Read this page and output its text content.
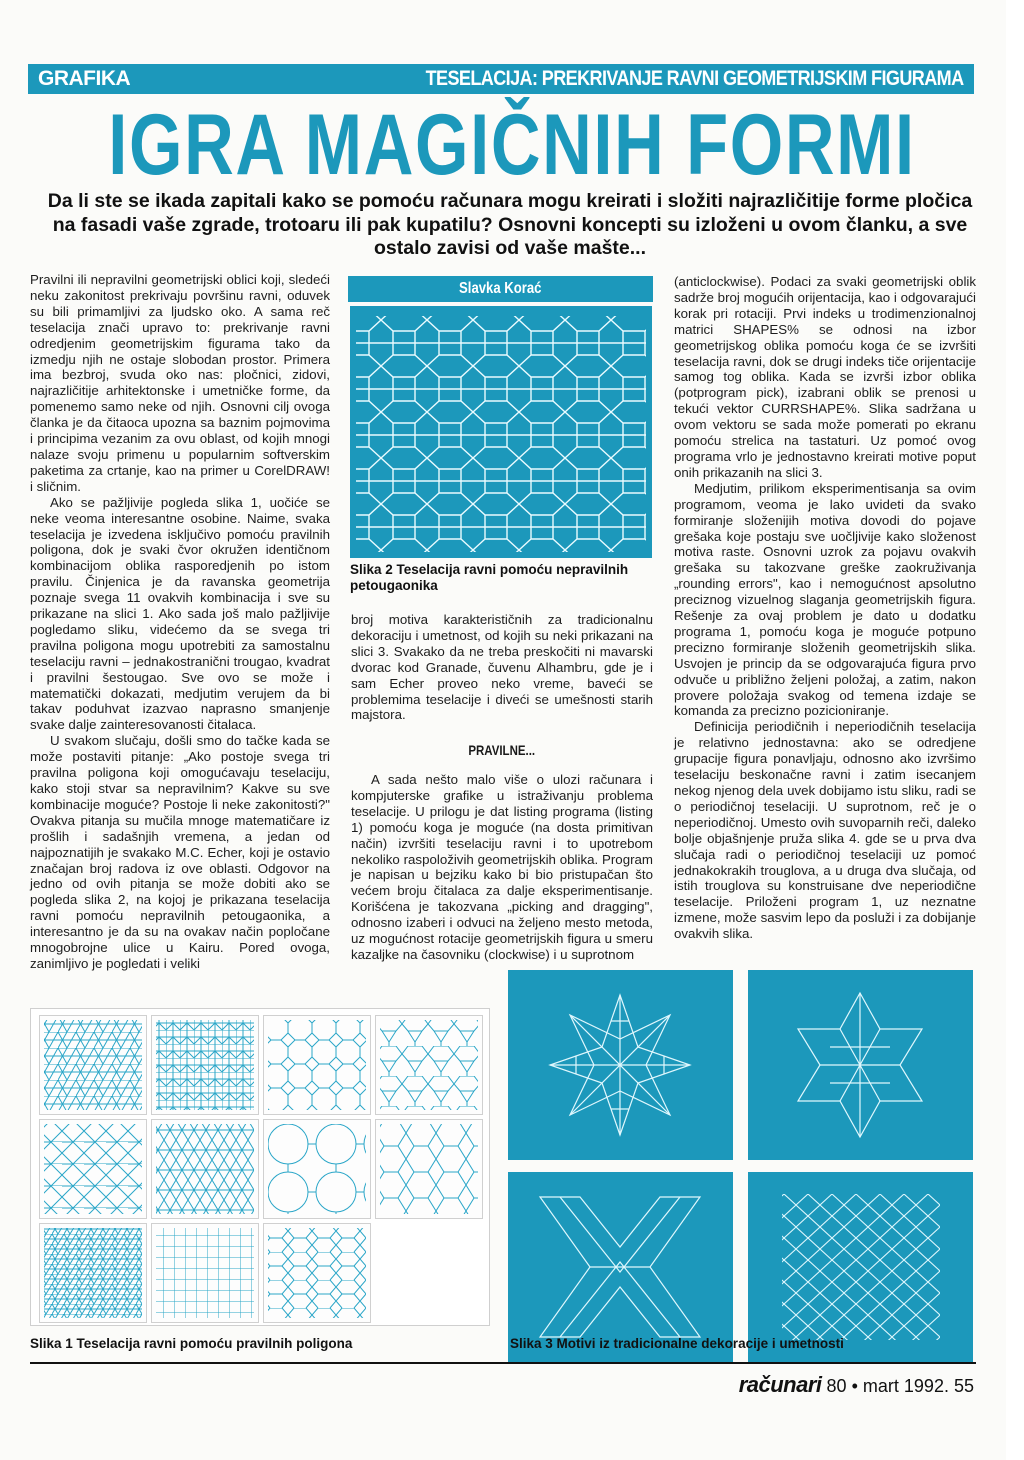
GRAFIKA	TESELACIJA: PREKRIVANJE RAVNI GEOMETRIJSKIM FIGURAMA
IGRA MAGIČNIH FORMI
Da li ste se ikada zapitali kako se pomoću računara mogu kreirati i složiti najrazličitije forme pločica na fasadi vaše zgrade, trotoaru ili pak kupatilu? Osnovni koncepti su izloženi u ovom članku, a sve ostalo zavisi od vaše mašte...

Pravilni ili nepravilni geometrijski oblici koji, sledeći neku zakonitost prekrivaju površinu ravni, oduvek su bili primamljivi za ljudsko oko. A sama reč teselacija znači upravo to: prekrivanje ravni odredjenim geometrijskim figurama tako da izmedju njih ne ostaje slobodan prostor. Primera ima bezbroj, svuda oko nas: pločnici, zidovi, najrazličitije arhitektonske i umetničke forme, da pomenemo samo neke od njih. Osnovni cilj ovoga članka je da čitaoca upozna sa baznim pojmovima i principima vezanim za ovu oblast, od kojih mnogi nalaze svoju primenu u popularnim softverskim paketima za crtanje, kao na primer u CorelDRAW! i sličnim.

Ako se pažljivije pogleda slika 1, uočiće se neke veoma interesantne osobine. Naime, svaka teselacija je izvedena isključivo pomoću pravilnih poligona, dok je svaki čvor okružen identičnom kombinacijom oblika rasporedjenih po istom pravilu. Činjenica je da ravanska geometrija poznaje svega 11 ovakvih kombinacija i sve su prikazane na slici 1. Ako sada još malo pažljivije pogledamo sliku, videćemo da se svega tri pravilna poligona mogu upotrebiti za samostalnu teselaciju ravni – jednakostranični trougao, kvadrat i pravilni šestougao. Sve ovo se može i matematički dokazati, medjutim verujem da bi takav poduhvat izazvao naprasno smanjenje svake dalje zainteresovanosti čitalaca.

U svakom slučaju, došli smo do tačke kada se može postaviti pitanje: „Ako postoje svega tri pravilna poligona koji omogućavaju teselaciju, kako stoji stvar sa nepravilnim? Kakve su sve kombinacije moguće? Postoje li neke zakonitosti?" Ovakva pitanja su mučila mnoge matematičare iz prošlih i sadašnjih vremena, a jedan od najpoznatijih je svakako M.C. Echer, koji je ostavio značajan broj radova iz ove oblasti. Odgovor na jedno od ovih pitanja se može dobiti ako se pogleda slika 2, na kojoj je prikazana teselacija ravni pomoću nepravilnih petougaonika, a interesantno je da su na ovakav način popločane mnogobrojne ulice u Kairu. Pored ovoga, zanimljivo je pogledati i veliki

Slavka Korać
Slika 2 Teselacija ravni pomoću nepravilnih petougaonika

broj motiva karakterističnih za tradicionalnu dekoraciju i umetnost, od kojih su neki prikazani na slici 3. Svakako da ne treba preskočiti ni mavarski dvorac kod Granade, čuvenu Alhambru, gde je i sam Echer proveo neko vreme, baveći se problemima teselacije i diveći se umešnosti starih majstora.

PRAVILNE...

A sada nešto malo više o ulozi računara i kompjuterske grafike u istraživanju problema teselacije. U prilogu je dat listing programa (listing 1) pomoću koga je moguće (na dosta primitivan način) izvršiti teselaciju ravni i to upotrebom nekoliko raspoloživih geometrijskih oblika. Program je napisan u bejziku kako bi bio pristupačan što većem broju čitalaca za dalje eksperimentisanje. Korišćena je takozvana „picking and dragging", odnosno izaberi i odvuci na željeno mesto metoda, uz mogućnost rotacije geometrijskih figura u smeru kazaljke na časovniku (clockwise) i u suprotnom

(anticlockwise). Podaci za svaki geometrijski oblik sadrže broj mogućih orijentacija, kao i odgovarajući korak pri rotaciji. Prvi indeks u trodimenzionalnoj matrici SHAPES% se odnosi na izbor geometrijskog oblika pomoću koga će se izvršiti teselacija ravni, dok se drugi indeks tiče orijentacije samog tog oblika. Kada se izvrši izbor oblika (potprogram pick), izabrani oblik se prenosi u tekući vektor CURRSHAPE%. Slika sadržana u ovom vektoru se sada može pomerati po ekranu pomoću strelica na tastaturi. Uz pomoć ovog programa vrlo je jednostavno kreirati motive poput onih prikazanih na slici 3.

Medjutim, prilikom eksperimentisanja sa ovim programom, veoma je lako uvideti da svako formiranje složenijih motiva dovodi do pojave grešaka koje postaju sve uočljivije kako složenost motiva raste. Osnovni uzrok za pojavu ovakvih grešaka su takozvane greške zaokruživanja „rounding errors", kao i nemogućnost apsolutno preciznog vizuelnog slaganja geometrijskih figura. Rešenje za ovaj problem je dato u dodatku programa 1, pomoću koga je moguće potpuno precizno formiranje složenih geometrijskih slika. Usvojen je princip da se odgovarajuća figura prvo odvuče u približno željeni položaj, a zatim, nakon provere položaja svakog od temena izdaje se komanda za precizno pozicioniranje.

Definicija periodičnih i neperiodičnih teselacija je relativno jednostavna: ako se odredjene grupacije figura ponavljaju, odnosno ako izvršimo teselaciju beskonačne ravni i zatim isecanjem nekog njenog dela uvek dobijamo istu sliku, radi se o periodičnoj teselaciji. U suprotnom, reč je o neperiodičnoj. Umesto ovih suvoparnih reči, daleko bolje objašnjenje pruža slika 4. gde se u prva dva slučaja radi o periodičnoj teselaciji uz pomoć jednakokrakih trouglova, a u druga dva slučaja, od istih trouglova su konstruisane dve neperiodične teselacije. Priloženi program 1, uz neznatne izmene, može sasvim lepo da posluži i za dobijanje ovakvih slika.

Slika 1 Teselacija ravni pomoću pravilnih poligona	Slika 3 Motivi iz tradicionalne dekoracije i umetnosti
računari 80 • mart 1992. 55
